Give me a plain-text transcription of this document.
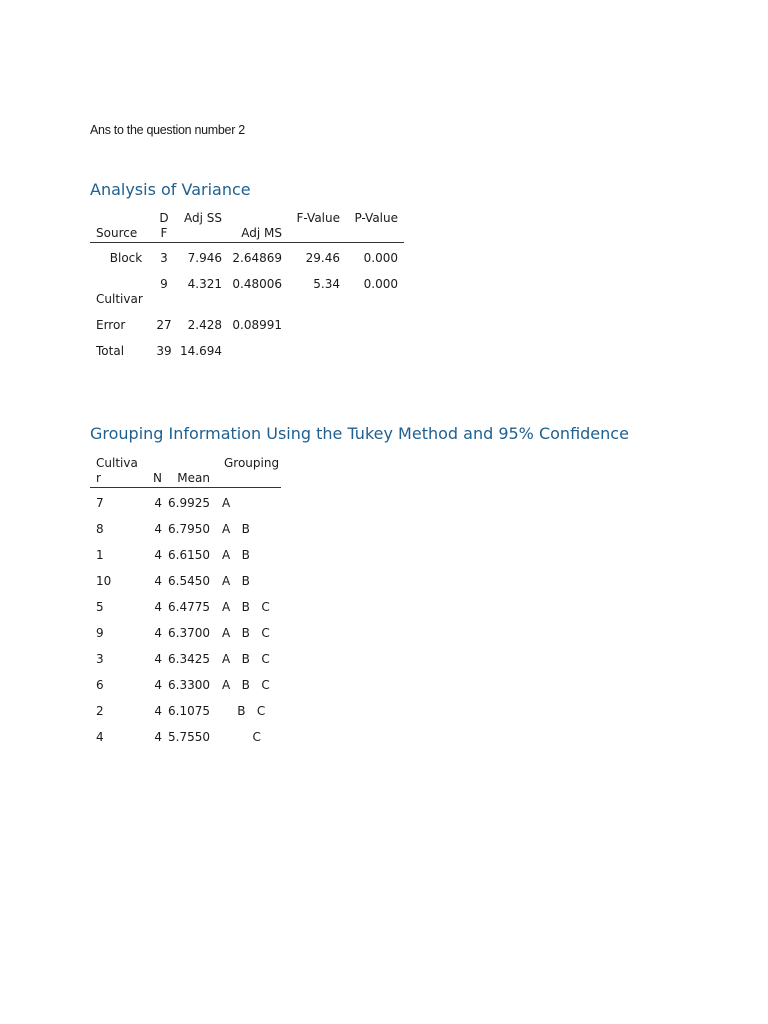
Ans to the question number 2
Analysis of Variance
Source	DF	Adj SS	Adj MS	F-Value	P-Value
Block	3	7.946	2.64869	29.46	0.000
Cultivar	9	4.321	0.48006	5.34	0.000
Error	27	2.428	0.08991		
Total	39	14.694			
Grouping Information Using the Tukey Method and 95% Confidence
Cultivar	N	Mean	Grouping
7	4	6.9925	A
8	4	6.7950	A   B
1	4	6.6150	A   B
10	4	6.5450	A   B
5	4	6.4775	A   B   C
9	4	6.3700	A   B   C
3	4	6.3425	A   B   C
6	4	6.3300	A   B   C
2	4	6.1075	B   C
4	4	5.7550	C
